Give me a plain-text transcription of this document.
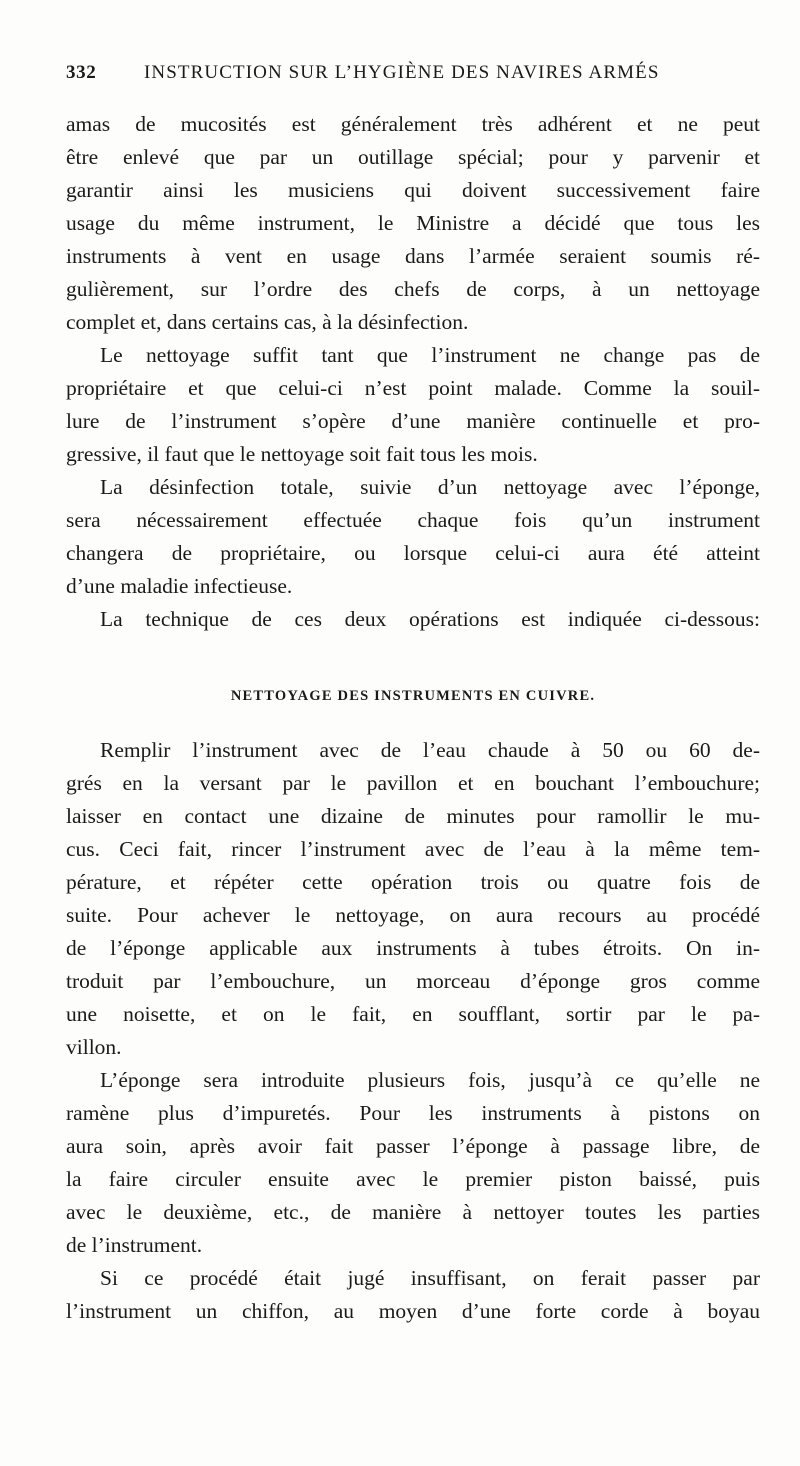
332	INSTRUCTION SUR L’HYGIÈNE DES NAVIRES ARMÉS
amas de mucosités est généralement très adhérent et ne peut
être enlevé que par un outillage spécial; pour y parvenir et
garantir ainsi les musiciens qui doivent successivement faire
usage du même instrument, le Ministre a décidé que tous les
instruments à vent en usage dans l’armée seraient soumis ré-
gulièrement, sur l’ordre des chefs de corps, à un nettoyage
complet et, dans certains cas, à la désinfection.
Le nettoyage suffit tant que l’instrument ne change pas de
propriétaire et que celui-ci n’est point malade. Comme la souil-
lure de l’instrument s’opère d’une manière continuelle et pro-
gressive, il faut que le nettoyage soit fait tous les mois.
La désinfection totale, suivie d’un nettoyage avec l’éponge,
sera nécessairement effectuée chaque fois qu’un instrument
changera de propriétaire, ou lorsque celui-ci aura été atteint
d’une maladie infectieuse.
La technique de ces deux opérations est indiquée ci-dessous:
NETTOYAGE DES INSTRUMENTS EN CUIVRE.
Remplir l’instrument avec de l’eau chaude à 50 ou 60 de-
grés en la versant par le pavillon et en bouchant l’embouchure;
laisser en contact une dizaine de minutes pour ramollir le mu-
cus. Ceci fait, rincer l’instrument avec de l’eau à la même tem-
pérature, et répéter cette opération trois ou quatre fois de
suite. Pour achever le nettoyage, on aura recours au procédé
de l’éponge applicable aux instruments à tubes étroits. On in-
troduit par l’embouchure, un morceau d’éponge gros comme
une noisette, et on le fait, en soufflant, sortir par le pa-
villon.
L’éponge sera introduite plusieurs fois, jusqu’à ce qu’elle ne
ramène plus d’impuretés. Pour les instruments à pistons on
aura soin, après avoir fait passer l’éponge à passage libre, de
la faire circuler ensuite avec le premier piston baissé, puis
avec le deuxième, etc., de manière à nettoyer toutes les parties
de l’instrument.
Si ce procédé était jugé insuffisant, on ferait passer par
l’instrument un chiffon, au moyen d’une forte corde à boyau
